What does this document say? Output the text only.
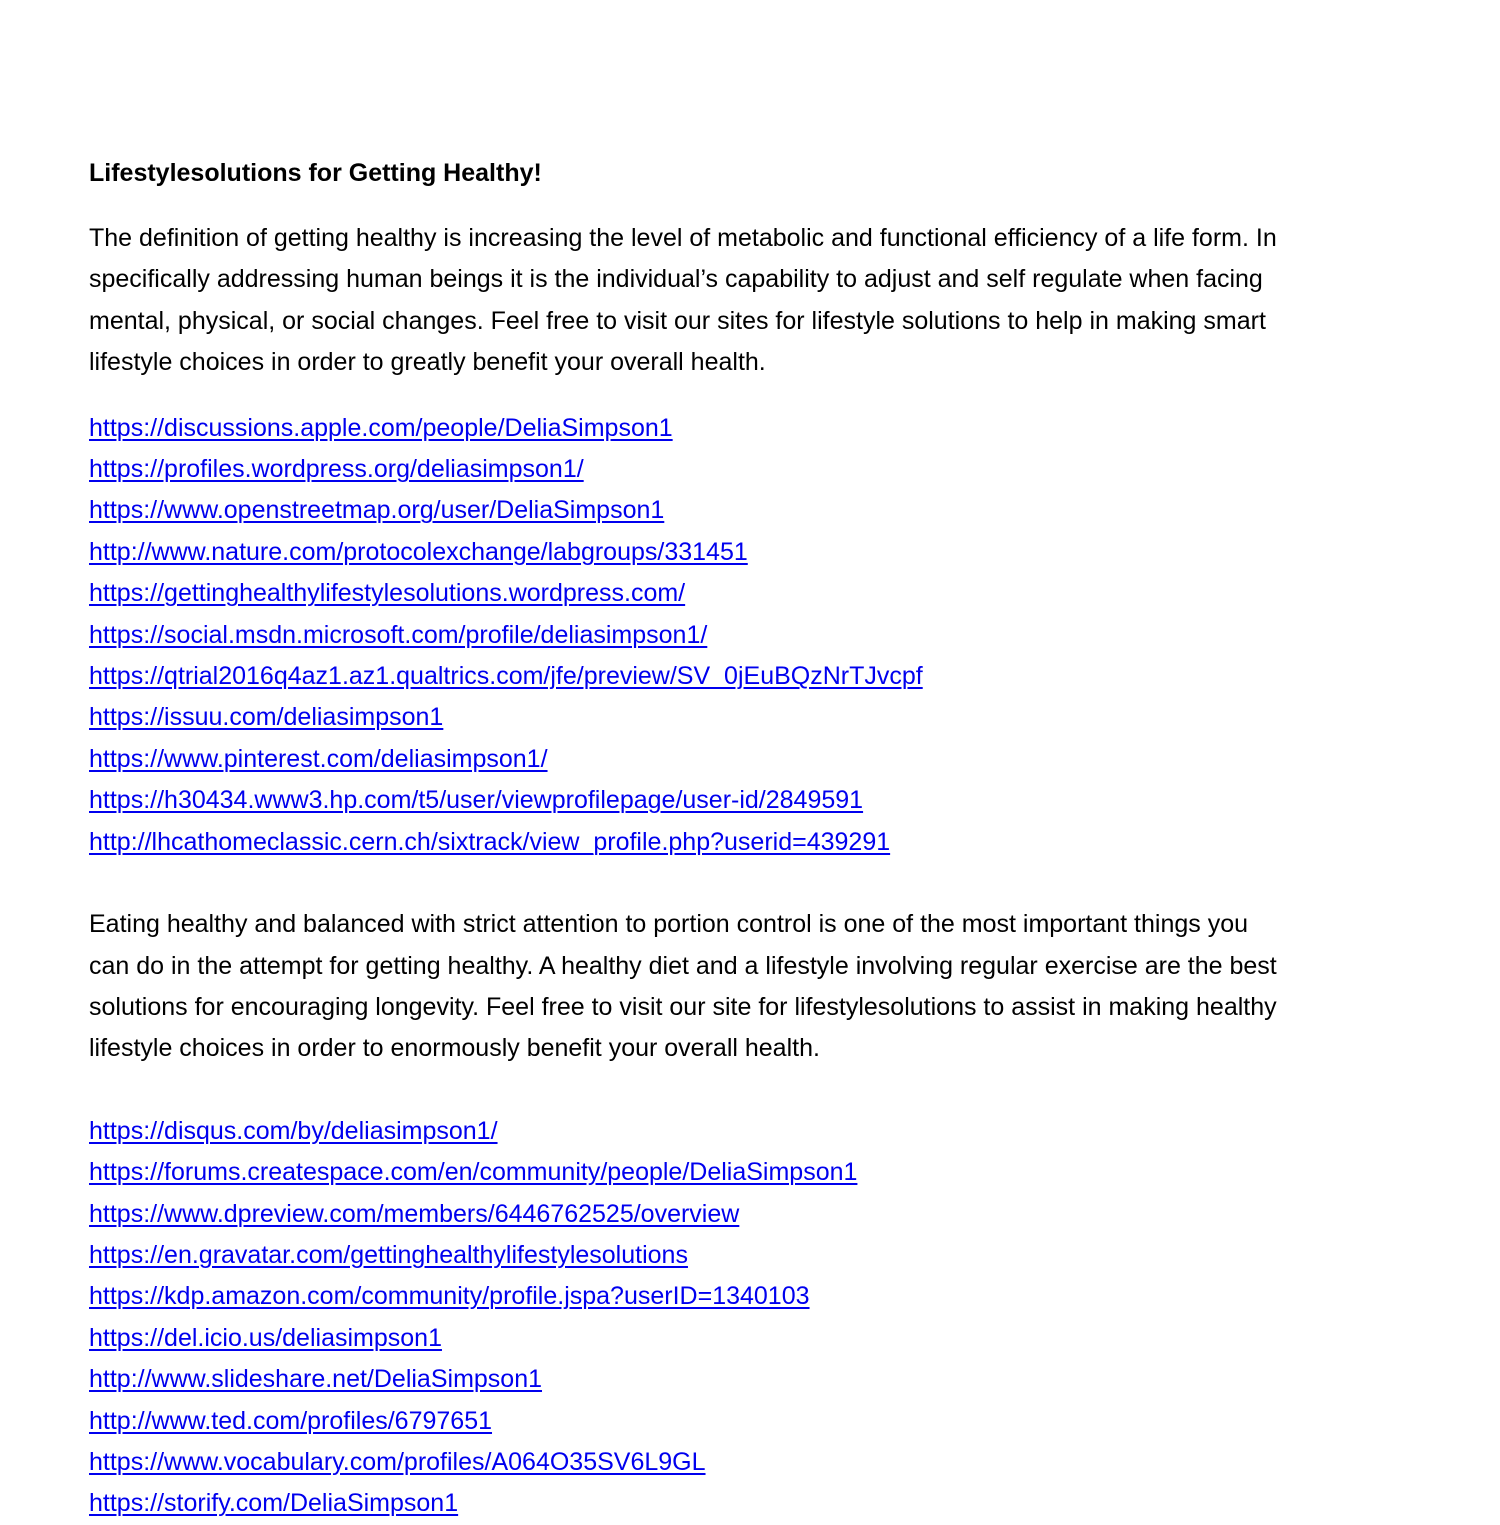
Lifestylesolutions for Getting Healthy!

The definition of getting healthy is increasing the level of metabolic and functional efficiency of a life form. In
specifically addressing human beings it is the individual’s capability to adjust and self regulate when facing
mental, physical, or social changes. Feel free to visit our sites for lifestyle solutions to help in making smart
lifestyle choices in order to greatly benefit your overall health.

https://discussions.apple.com/people/DeliaSimpson1
https://profiles.wordpress.org/deliasimpson1/
https://www.openstreetmap.org/user/DeliaSimpson1
http://www.nature.com/protocolexchange/labgroups/331451
https://gettinghealthylifestylesolutions.wordpress.com/
https://social.msdn.microsoft.com/profile/deliasimpson1/
https://qtrial2016q4az1.az1.qualtrics.com/jfe/preview/SV_0jEuBQzNrTJvcpf
https://issuu.com/deliasimpson1
https://www.pinterest.com/deliasimpson1/
https://h30434.www3.hp.com/t5/user/viewprofilepage/user-id/2849591
http://lhcathomeclassic.cern.ch/sixtrack/view_profile.php?userid=439291

Eating healthy and balanced with strict attention to portion control is one of the most important things you
can do in the attempt for getting healthy. A healthy diet and a lifestyle involving regular exercise are the best
solutions for encouraging longevity. Feel free to visit our site for lifestylesolutions to assist in making healthy
lifestyle choices in order to enormously benefit your overall health.

https://disqus.com/by/deliasimpson1/
https://forums.createspace.com/en/community/people/DeliaSimpson1
https://www.dpreview.com/members/6446762525/overview
https://en.gravatar.com/gettinghealthylifestylesolutions
https://kdp.amazon.com/community/profile.jspa?userID=1340103
https://del.icio.us/deliasimpson1
http://www.slideshare.net/DeliaSimpson1
http://www.ted.com/profiles/6797651
https://www.vocabulary.com/profiles/A064O35SV6L9GL
https://storify.com/DeliaSimpson1
